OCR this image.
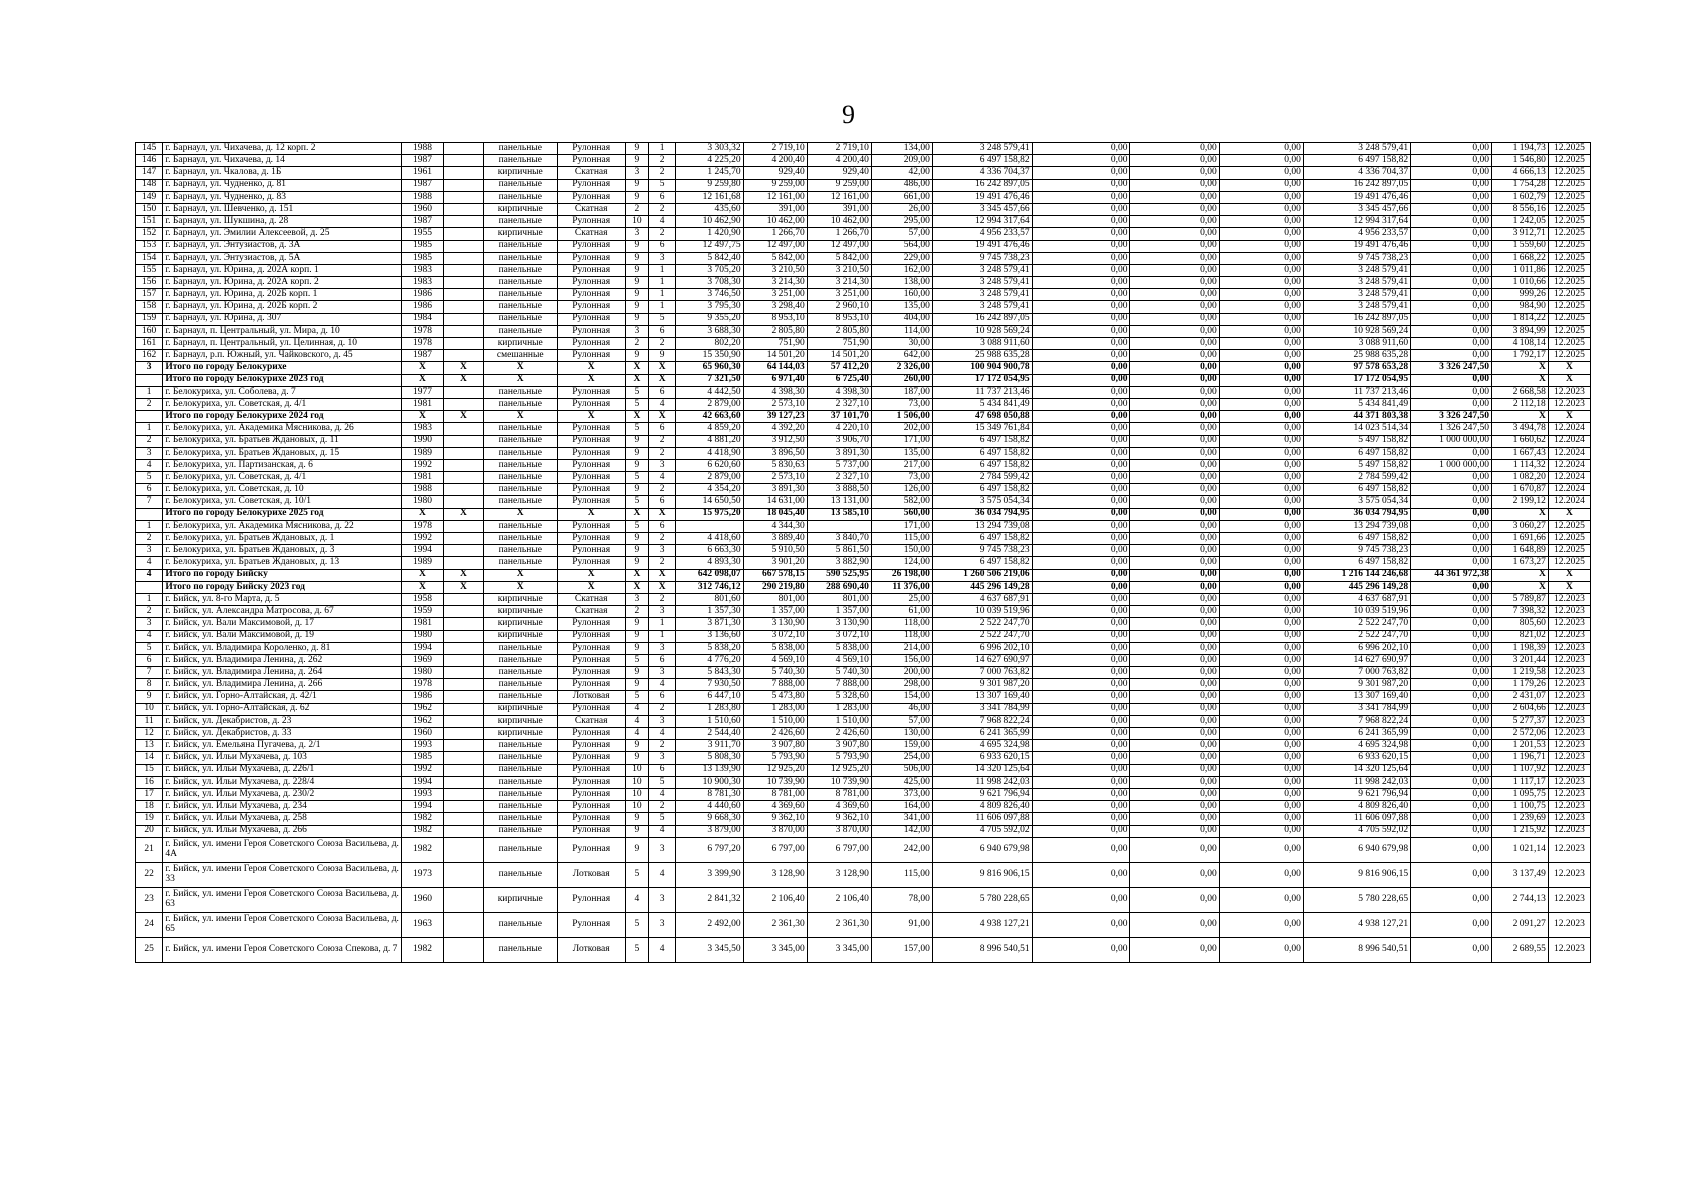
9
145	г. Барнаул, ул. Чихачева, д. 12 корп. 2	1988		панельные	Рулонная	9	1	3 303,32	2 719,10	2 719,10	134,00	3 248 579,41	0,00	0,00	0,00	3 248 579,41	0,00	1 194,73	12.2025
146	г. Барнаул, ул. Чихачева, д. 14	1987		панельные	Рулонная	9	2	4 225,20	4 200,40	4 200,40	209,00	6 497 158,82	0,00	0,00	0,00	6 497 158,82	0,00	1 546,80	12.2025
147	г. Барнаул, ул. Чкалова, д. 1Б	1961		кирпичные	Скатная	3	2	1 245,70	929,40	929,40	42,00	4 336 704,37	0,00	0,00	0,00	4 336 704,37	0,00	4 666,13	12.2025
148	г. Барнаул, ул. Чудненко, д. 81	1987		панельные	Рулонная	9	5	9 259,80	9 259,00	9 259,00	486,00	16 242 897,05	0,00	0,00	0,00	16 242 897,05	0,00	1 754,28	12.2025
149	г. Барнаул, ул. Чудненко, д. 83	1988		панельные	Рулонная	9	6	12 161,68	12 161,00	12 161,00	661,00	19 491 476,46	0,00	0,00	0,00	19 491 476,46	0,00	1 602,79	12.2025
150	г. Барнаул, ул. Шевченко, д. 151	1960		кирпичные	Скатная	2	2	435,60	391,00	391,00	26,00	3 345 457,66	0,00	0,00	0,00	3 345 457,66	0,00	8 556,16	12.2025
151	г. Барнаул, ул. Шукшина, д. 28	1987		панельные	Рулонная	10	4	10 462,90	10 462,00	10 462,00	295,00	12 994 317,64	0,00	0,00	0,00	12 994 317,64	0,00	1 242,05	12.2025
152	г. Барнаул, ул. Эмилии Алексеевой, д. 25	1955		кирпичные	Скатная	3	2	1 420,90	1 266,70	1 266,70	57,00	4 956 233,57	0,00	0,00	0,00	4 956 233,57	0,00	3 912,71	12.2025
153	г. Барнаул, ул. Энтузиастов, д. 3А	1985		панельные	Рулонная	9	6	12 497,75	12 497,00	12 497,00	564,00	19 491 476,46	0,00	0,00	0,00	19 491 476,46	0,00	1 559,60	12.2025
154	г. Барнаул, ул. Энтузиастов, д. 5А	1985		панельные	Рулонная	9	3	5 842,40	5 842,00	5 842,00	229,00	9 745 738,23	0,00	0,00	0,00	9 745 738,23	0,00	1 668,22	12.2025
155	г. Барнаул, ул. Юрина, д. 202А корп. 1	1983		панельные	Рулонная	9	1	3 705,20	3 210,50	3 210,50	162,00	3 248 579,41	0,00	0,00	0,00	3 248 579,41	0,00	1 011,86	12.2025
156	г. Барнаул, ул. Юрина, д. 202А корп. 2	1983		панельные	Рулонная	9	1	3 708,30	3 214,30	3 214,30	138,00	3 248 579,41	0,00	0,00	0,00	3 248 579,41	0,00	1 010,66	12.2025
157	г. Барнаул, ул. Юрина, д. 202Б корп. 1	1986		панельные	Рулонная	9	1	3 746,50	3 251,00	3 251,00	160,00	3 248 579,41	0,00	0,00	0,00	3 248 579,41	0,00	999,26	12.2025
158	г. Барнаул, ул. Юрина, д. 202Б корп. 2	1986		панельные	Рулонная	9	1	3 795,30	3 298,40	2 960,10	135,00	3 248 579,41	0,00	0,00	0,00	3 248 579,41	0,00	984,90	12.2025
159	г. Барнаул, ул. Юрина, д. 307	1984		панельные	Рулонная	9	5	9 355,20	8 953,10	8 953,10	404,00	16 242 897,05	0,00	0,00	0,00	16 242 897,05	0,00	1 814,22	12.2025
160	г. Барнаул, п. Центральный, ул. Мира, д. 10	1978		панельные	Рулонная	3	6	3 688,30	2 805,80	2 805,80	114,00	10 928 569,24	0,00	0,00	0,00	10 928 569,24	0,00	3 894,99	12.2025
161	г. Барнаул, п. Центральный, ул. Целинная, д. 10	1978		кирпичные	Рулонная	2	2	802,20	751,90	751,90	30,00	3 088 911,60	0,00	0,00	0,00	3 088 911,60	0,00	4 108,14	12.2025
162	г. Барнаул, р.п. Южный, ул. Чайковского, д. 45	1987		смешанные	Рулонная	9	9	15 350,90	14 501,20	14 501,20	642,00	25 988 635,28	0,00	0,00	0,00	25 988 635,28	0,00	1 792,17	12.2025
3	Итого по городу Белокурихе	X	X	X	X	X	X	65 960,30	64 144,03	57 412,20	2 326,00	100 904 900,78	0,00	0,00	0,00	97 578 653,28	3 326 247,50	X	X
	Итого по городу Белокурихе 2023 год	X	X	X	X	X	X	7 321,50	6 971,40	6 725,40	260,00	17 172 054,95	0,00	0,00	0,00	17 172 054,95	0,00	X	X
1	г. Белокуриха, ул. Соболева, д. 7	1977		панельные	Рулонная	5	6	4 442,50	4 398,30	4 398,30	187,00	11 737 213,46	0,00	0,00	0,00	11 737 213,46	0,00	2 668,58	12.2023
2	г. Белокуриха, ул. Советская, д. 4/1	1981		панельные	Рулонная	5	4	2 879,00	2 573,10	2 327,10	73,00	5 434 841,49	0,00	0,00	0,00	5 434 841,49	0,00	2 112,18	12.2023
	Итого по городу Белокурихе 2024 год	X	X	X	X	X	X	42 663,60	39 127,23	37 101,70	1 506,00	47 698 050,88	0,00	0,00	0,00	44 371 803,38	3 326 247,50	X	X
1	г. Белокуриха, ул. Академика Мясникова, д. 26	1983		панельные	Рулонная	5	6	4 859,20	4 392,20	4 220,10	202,00	15 349 761,84	0,00	0,00	0,00	14 023 514,34	1 326 247,50	3 494,78	12.2024
2	г. Белокуриха, ул. Братьев Ждановых, д. 11	1990		панельные	Рулонная	9	2	4 881,20	3 912,50	3 906,70	171,00	6 497 158,82	0,00	0,00	0,00	5 497 158,82	1 000 000,00	1 660,62	12.2024
3	г. Белокуриха, ул. Братьев Ждановых, д. 15	1989		панельные	Рулонная	9	2	4 418,90	3 896,50	3 891,30	135,00	6 497 158,82	0,00	0,00	0,00	6 497 158,82	0,00	1 667,43	12.2024
4	г. Белокуриха, ул. Партизанская, д. 6	1992		панельные	Рулонная	9	3	6 620,60	5 830,63	5 737,00	217,00	6 497 158,82	0,00	0,00	0,00	5 497 158,82	1 000 000,00	1 114,32	12.2024
5	г. Белокуриха, ул. Советская, д. 4/1	1981		панельные	Рулонная	5	4	2 879,00	2 573,10	2 327,10	73,00	2 784 599,42	0,00	0,00	0,00	2 784 599,42	0,00	1 082,20	12.2024
6	г. Белокуриха, ул. Советская, д. 10	1988		панельные	Рулонная	9	2	4 354,20	3 891,30	3 888,50	126,00	6 497 158,82	0,00	0,00	0,00	6 497 158,82	0,00	1 670,87	12.2024
7	г. Белокуриха, ул. Советская, д. 10/1	1980		панельные	Рулонная	5	6	14 650,50	14 631,00	13 131,00	582,00	3 575 054,34	0,00	0,00	0,00	3 575 054,34	0,00	2 199,12	12.2024
	Итого по городу Белокурихе 2025 год	X	X	X	X	X	X	15 975,20	18 045,40	13 585,10	560,00	36 034 794,95	0,00	0,00	0,00	36 034 794,95	0,00	X	X
1	г. Белокуриха, ул. Академика Мясникова, д. 22	1978		панельные	Рулонная	5	6		4 344,30		171,00	13 294 739,08	0,00	0,00	0,00	13 294 739,08	0,00	3 060,27	12.2025
2	г. Белокуриха, ул. Братьев Ждановых, д. 1	1992		панельные	Рулонная	9	2	4 418,60	3 889,40	3 840,70	115,00	6 497 158,82	0,00	0,00	0,00	6 497 158,82	0,00	1 691,66	12.2025
3	г. Белокуриха, ул. Братьев Ждановых, д. 3	1994		панельные	Рулонная	9	3	6 663,30	5 910,50	5 861,50	150,00	9 745 738,23	0,00	0,00	0,00	9 745 738,23	0,00	1 648,89	12.2025
4	г. Белокуриха, ул. Братьев Ждановых, д. 13	1989		панельные	Рулонная	9	2	4 893,30	3 901,20	3 882,90	124,00	6 497 158,82	0,00	0,00	0,00	6 497 158,82	0,00	1 673,27	12.2025
4	Итого по городу Бийску	X	X	X	X	X	X	642 098,07	667 578,15	590 525,95	26 198,00	1 260 506 219,06	0,00	0,00	0,00	1 216 144 246,68	44 361 972,38	X	X
	Итого по городу Бийску 2023 год	X	X	X	X	X	X	312 746,12	290 219,80	288 690,40	11 376,00	445 296 149,28	0,00	0,00	0,00	445 296 149,28	0,00	X	X
1	г. Бийск, ул. 8-го Марта, д. 5	1958		кирпичные	Скатная	3	2	801,60	801,00	801,00	25,00	4 637 687,91	0,00	0,00	0,00	4 637 687,91	0,00	5 789,87	12.2023
2	г. Бийск, ул. Александра Матросова, д. 67	1959		кирпичные	Скатная	2	3	1 357,30	1 357,00	1 357,00	61,00	10 039 519,96	0,00	0,00	0,00	10 039 519,96	0,00	7 398,32	12.2023
3	г. Бийск, ул. Вали Максимовой, д. 17	1981		кирпичные	Рулонная	9	1	3 871,30	3 130,90	3 130,90	118,00	2 522 247,70	0,00	0,00	0,00	2 522 247,70	0,00	805,60	12.2023
4	г. Бийск, ул. Вали Максимовой, д. 19	1980		кирпичные	Рулонная	9	1	3 136,60	3 072,10	3 072,10	118,00	2 522 247,70	0,00	0,00	0,00	2 522 247,70	0,00	821,02	12.2023
5	г. Бийск, ул. Владимира Короленко, д. 81	1994		панельные	Рулонная	9	3	5 838,20	5 838,00	5 838,00	214,00	6 996 202,10	0,00	0,00	0,00	6 996 202,10	0,00	1 198,39	12.2023
6	г. Бийск, ул. Владимира Ленина, д. 262	1969		панельные	Рулонная	5	6	4 776,20	4 569,10	4 569,10	156,00	14 627 690,97	0,00	0,00	0,00	14 627 690,97	0,00	3 201,44	12.2023
7	г. Бийск, ул. Владимира Ленина, д. 264	1980		панельные	Рулонная	9	3	5 843,30	5 740,30	5 740,30	200,00	7 000 763,82	0,00	0,00	0,00	7 000 763,82	0,00	1 219,58	12.2023
8	г. Бийск, ул. Владимира Ленина, д. 266	1978		панельные	Рулонная	9	4	7 930,50	7 888,00	7 888,00	298,00	9 301 987,20	0,00	0,00	0,00	9 301 987,20	0,00	1 179,26	12.2023
9	г. Бийск, ул. Горно-Алтайская, д. 42/1	1986		панельные	Лотковая	5	6	6 447,10	5 473,80	5 328,60	154,00	13 307 169,40	0,00	0,00	0,00	13 307 169,40	0,00	2 431,07	12.2023
10	г. Бийск, ул. Горно-Алтайская, д. 62	1962		кирпичные	Рулонная	4	2	1 283,80	1 283,00	1 283,00	46,00	3 341 784,99	0,00	0,00	0,00	3 341 784,99	0,00	2 604,66	12.2023
11	г. Бийск, ул. Декабристов, д. 23	1962		кирпичные	Скатная	4	3	1 510,60	1 510,00	1 510,00	57,00	7 968 822,24	0,00	0,00	0,00	7 968 822,24	0,00	5 277,37	12.2023
12	г. Бийск, ул. Декабристов, д. 33	1960		кирпичные	Рулонная	4	4	2 544,40	2 426,60	2 426,60	130,00	6 241 365,99	0,00	0,00	0,00	6 241 365,99	0,00	2 572,06	12.2023
13	г. Бийск, ул. Емельяна Пугачева, д. 2/1	1993		панельные	Рулонная	9	2	3 911,70	3 907,80	3 907,80	159,00	4 695 324,98	0,00	0,00	0,00	4 695 324,98	0,00	1 201,53	12.2023
14	г. Бийск, ул. Ильи Мухачева, д. 103	1985		панельные	Рулонная	9	3	5 808,30	5 793,90	5 793,90	254,00	6 933 620,15	0,00	0,00	0,00	6 933 620,15	0,00	1 196,71	12.2023
15	г. Бийск, ул. Ильи Мухачева, д. 226/1	1992		панельные	Рулонная	10	6	13 139,90	12 925,20	12 925,20	506,00	14 320 125,64	0,00	0,00	0,00	14 320 125,64	0,00	1 107,92	12.2023
16	г. Бийск, ул. Ильи Мухачева, д. 228/4	1994		панельные	Рулонная	10	5	10 900,30	10 739,90	10 739,90	425,00	11 998 242,03	0,00	0,00	0,00	11 998 242,03	0,00	1 117,17	12.2023
17	г. Бийск, ул. Ильи Мухачева, д. 230/2	1993		панельные	Рулонная	10	4	8 781,30	8 781,00	8 781,00	373,00	9 621 796,94	0,00	0,00	0,00	9 621 796,94	0,00	1 095,75	12.2023
18	г. Бийск, ул. Ильи Мухачева, д. 234	1994		панельные	Рулонная	10	2	4 440,60	4 369,60	4 369,60	164,00	4 809 826,40	0,00	0,00	0,00	4 809 826,40	0,00	1 100,75	12.2023
19	г. Бийск, ул. Ильи Мухачева, д. 258	1982		панельные	Рулонная	9	5	9 668,30	9 362,10	9 362,10	341,00	11 606 097,88	0,00	0,00	0,00	11 606 097,88	0,00	1 239,69	12.2023
20	г. Бийск, ул. Ильи Мухачева, д. 266	1982		панельные	Рулонная	9	4	3 879,00	3 870,00	3 870,00	142,00	4 705 592,02	0,00	0,00	0,00	4 705 592,02	0,00	1 215,92	12.2023
21	г. Бийск, ул. имени Героя Советского Союза Васильева, д. 4А	1982		панельные	Рулонная	9	3	6 797,20	6 797,00	6 797,00	242,00	6 940 679,98	0,00	0,00	0,00	6 940 679,98	0,00	1 021,14	12.2023
22	г. Бийск, ул. имени Героя Советского Союза Васильева, д. 33	1973		панельные	Лотковая	5	4	3 399,90	3 128,90	3 128,90	115,00	9 816 906,15	0,00	0,00	0,00	9 816 906,15	0,00	3 137,49	12.2023
23	г. Бийск, ул. имени Героя Советского Союза Васильева, д. 63	1960		кирпичные	Рулонная	4	3	2 841,32	2 106,40	2 106,40	78,00	5 780 228,65	0,00	0,00	0,00	5 780 228,65	0,00	2 744,13	12.2023
24	г. Бийск, ул. имени Героя Советского Союза Васильева, д. 65	1963		панельные	Рулонная	5	3	2 492,00	2 361,30	2 361,30	91,00	4 938 127,21	0,00	0,00	0,00	4 938 127,21	0,00	2 091,27	12.2023
25	г. Бийск, ул. имени Героя Советского Союза Спекова, д. 7	1982		панельные	Лотковая	5	4	3 345,50	3 345,00	3 345,00	157,00	8 996 540,51	0,00	0,00	0,00	8 996 540,51	0,00	2 689,55	12.2023
